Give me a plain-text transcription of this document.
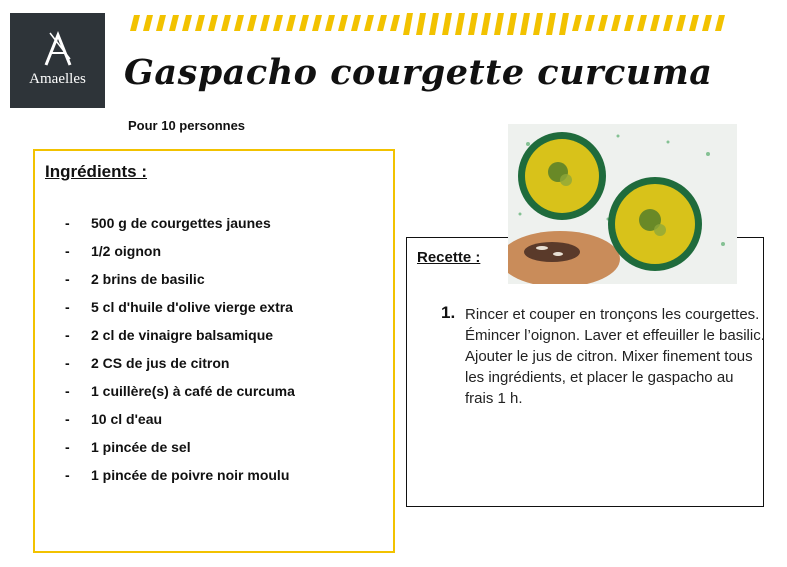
Amaelles	Gaspacho courgette curcuma
Pour 10 personnes
Ingrédients :
- 500 g de courgettes jaunes
- 1/2 oignon
- 2 brins de basilic
- 5 cl d'huile d'olive vierge extra
- 2 cl de vinaigre balsamique
- 2 CS de jus de citron
- 1 cuillère(s) à café de curcuma
- 10 cl d'eau
- 1 pincée de sel
- 1 pincée de poivre noir moulu
Recette :
1. Rincer et couper en tronçons les courgettes. Émincer l’oignon. Laver et effeuiller le basilic. Ajouter le jus de citron. Mixer finement tous les ingrédients, et placer le gaspacho au frais 1 h.
